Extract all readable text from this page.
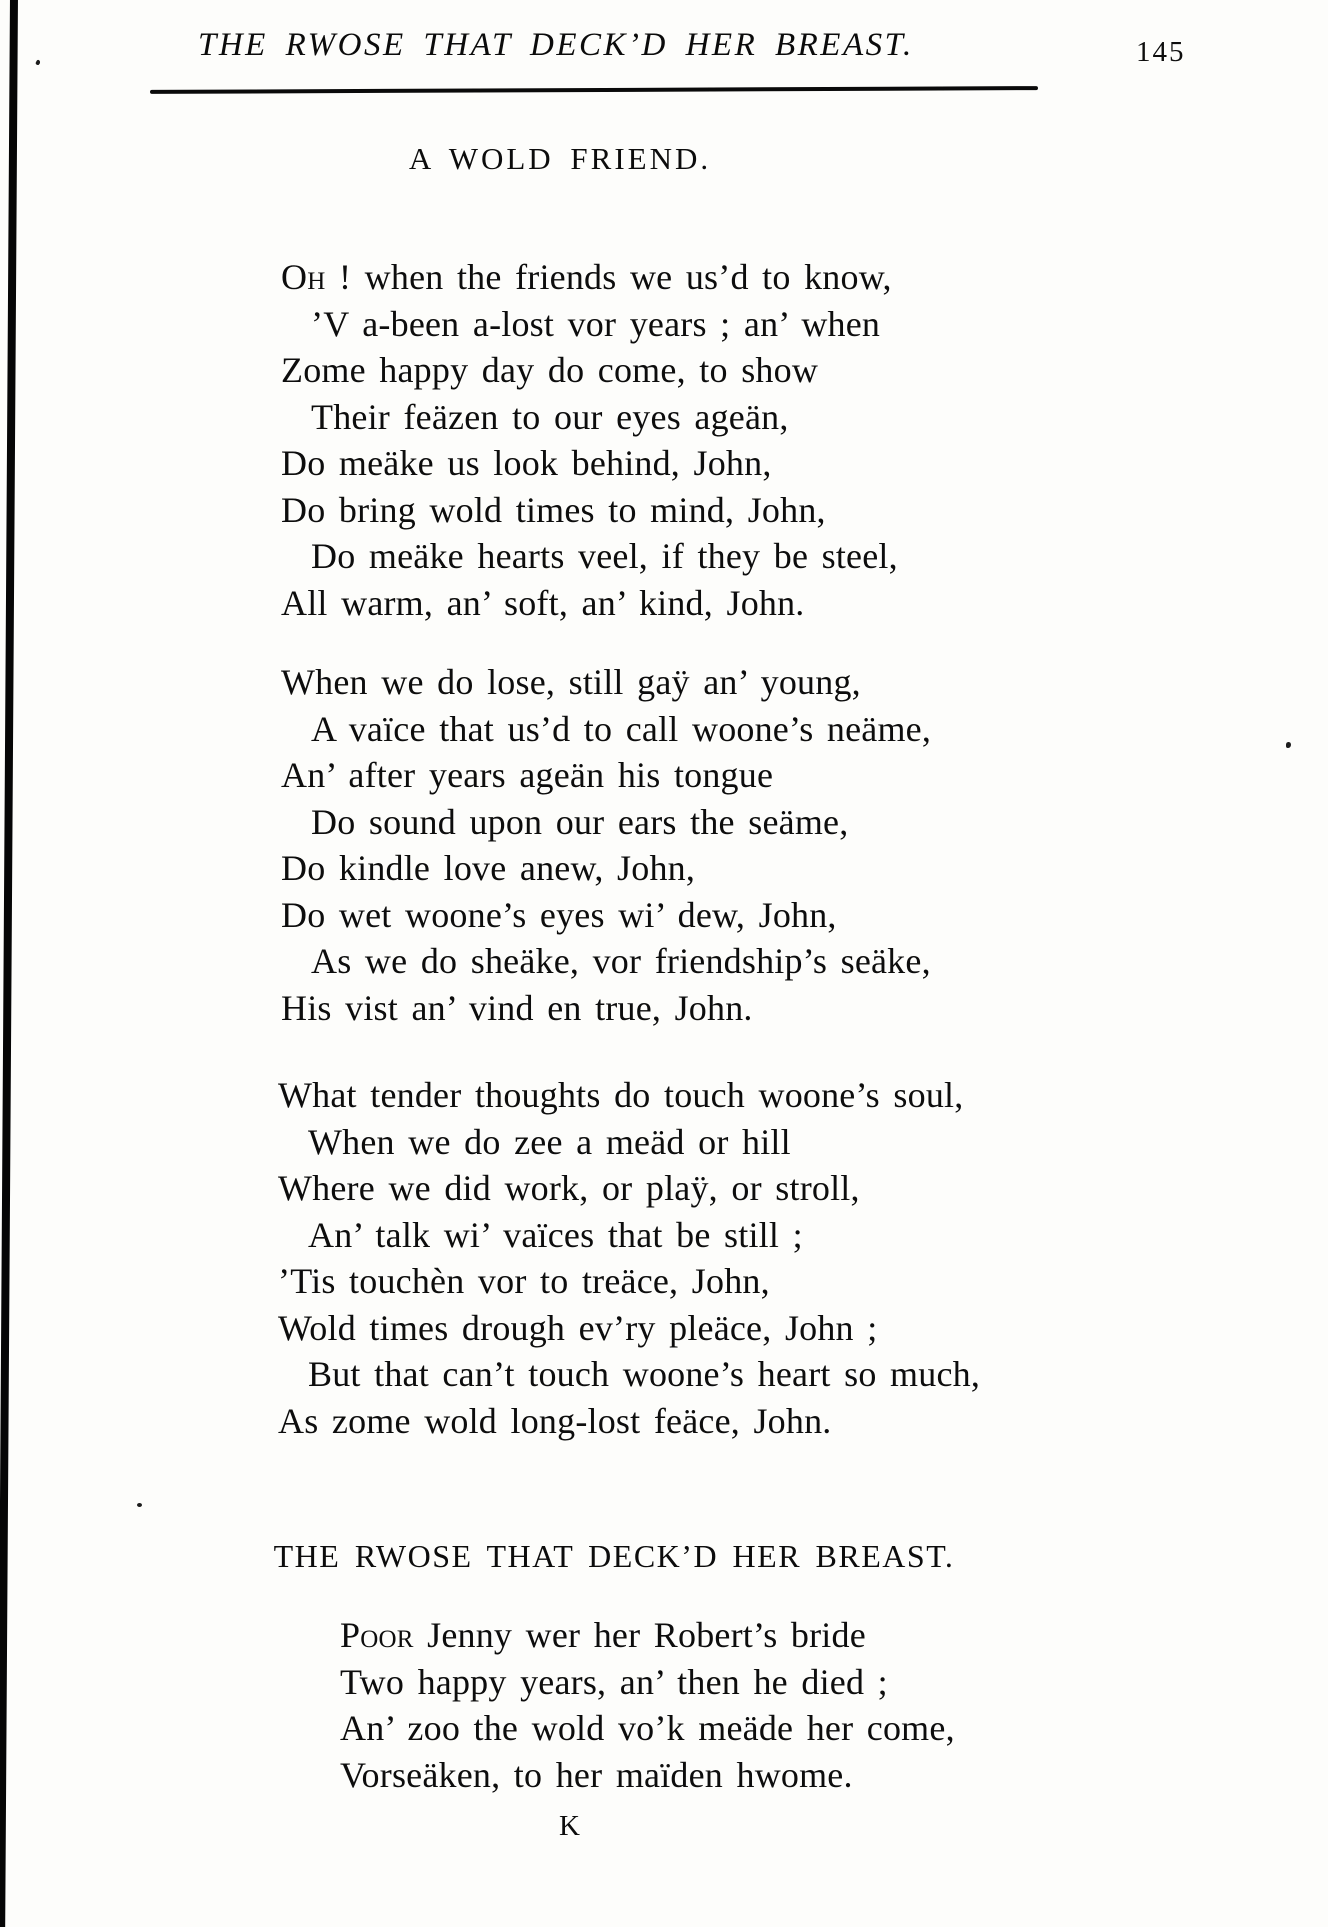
THE RWOSE THAT DECK’D HER BREAST.	145
A WOLD FRIEND.
Oh ! when the friends we us’d to know,
’V a-been a-lost vor years ; an’ when
Zome happy day do come, to show
Their feäzen to our eyes ageän,
Do meäke us look behind, John,
Do bring wold times to mind, John,
Do meäke hearts veel, if they be steel,
All warm, an’ soft, an’ kind, John.
When we do lose, still gaÿ an’ young,
A vaïce that us’d to call woone’s neäme,
An’ after years ageän his tongue
Do sound upon our ears the seäme,
Do kindle love anew, John,
Do wet woone’s eyes wi’ dew, John,
As we do sheäke, vor friendship’s seäke,
His vist an’ vind en true, John.
What tender thoughts do touch woone’s soul,
When we do zee a meäd or hill
Where we did work, or plaÿ, or stroll,
An’ talk wi’ vaïces that be still ;
’Tis touchèn vor to treäce, John,
Wold times drough ev’ry pleäce, John ;
But that can’t touch woone’s heart so much,
As zome wold long-lost feäce, John.
THE RWOSE THAT DECK’D HER BREAST.
Poor Jenny wer her Robert’s bride
Two happy years, an’ then he died ;
An’ zoo the wold vo’k meäde her come,
Vorseäken, to her maïden hwome.
K
